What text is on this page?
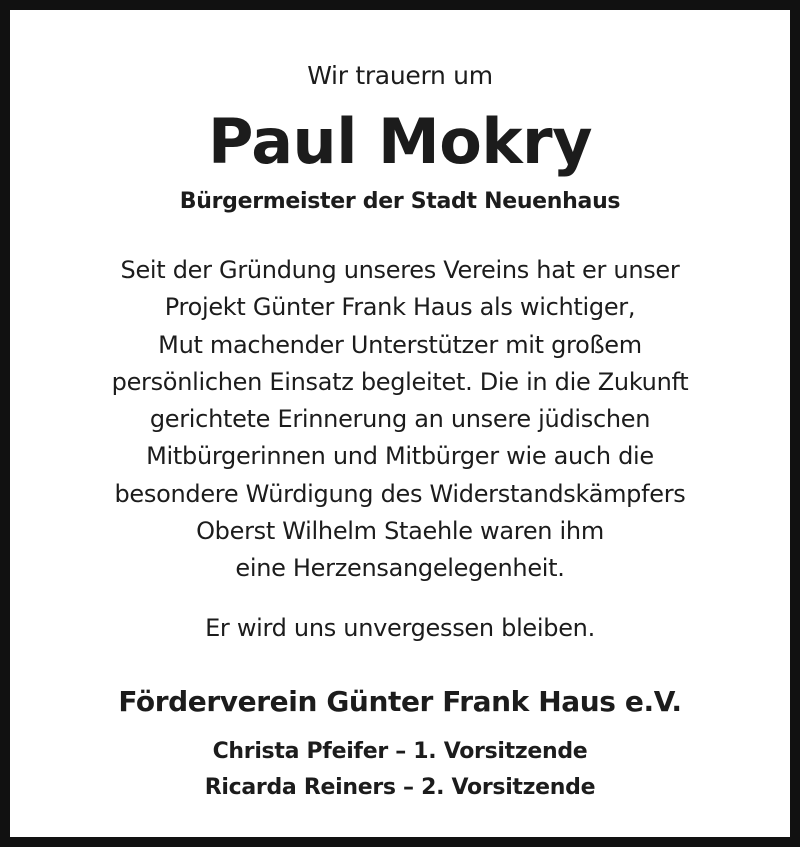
Wir trauern um
Paul Mokry
Bürgermeister der Stadt Neuenhaus
Seit der Gründung unseres Vereins hat er unser
Projekt Günter Frank Haus als wichtiger,
Mut machender Unterstützer mit großem
persönlichen Einsatz begleitet. Die in die Zukunft
gerichtete Erinnerung an unsere jüdischen
Mitbürgerinnen und Mitbürger wie auch die
besondere Würdigung des Widerstandskämpfers
Oberst Wilhelm Staehle waren ihm
eine Herzensangelegenheit.
Er wird uns unvergessen bleiben.
Förderverein Günter Frank Haus e.V.
Christa Pfeifer – 1. Vorsitzende
Ricarda Reiners – 2. Vorsitzende
